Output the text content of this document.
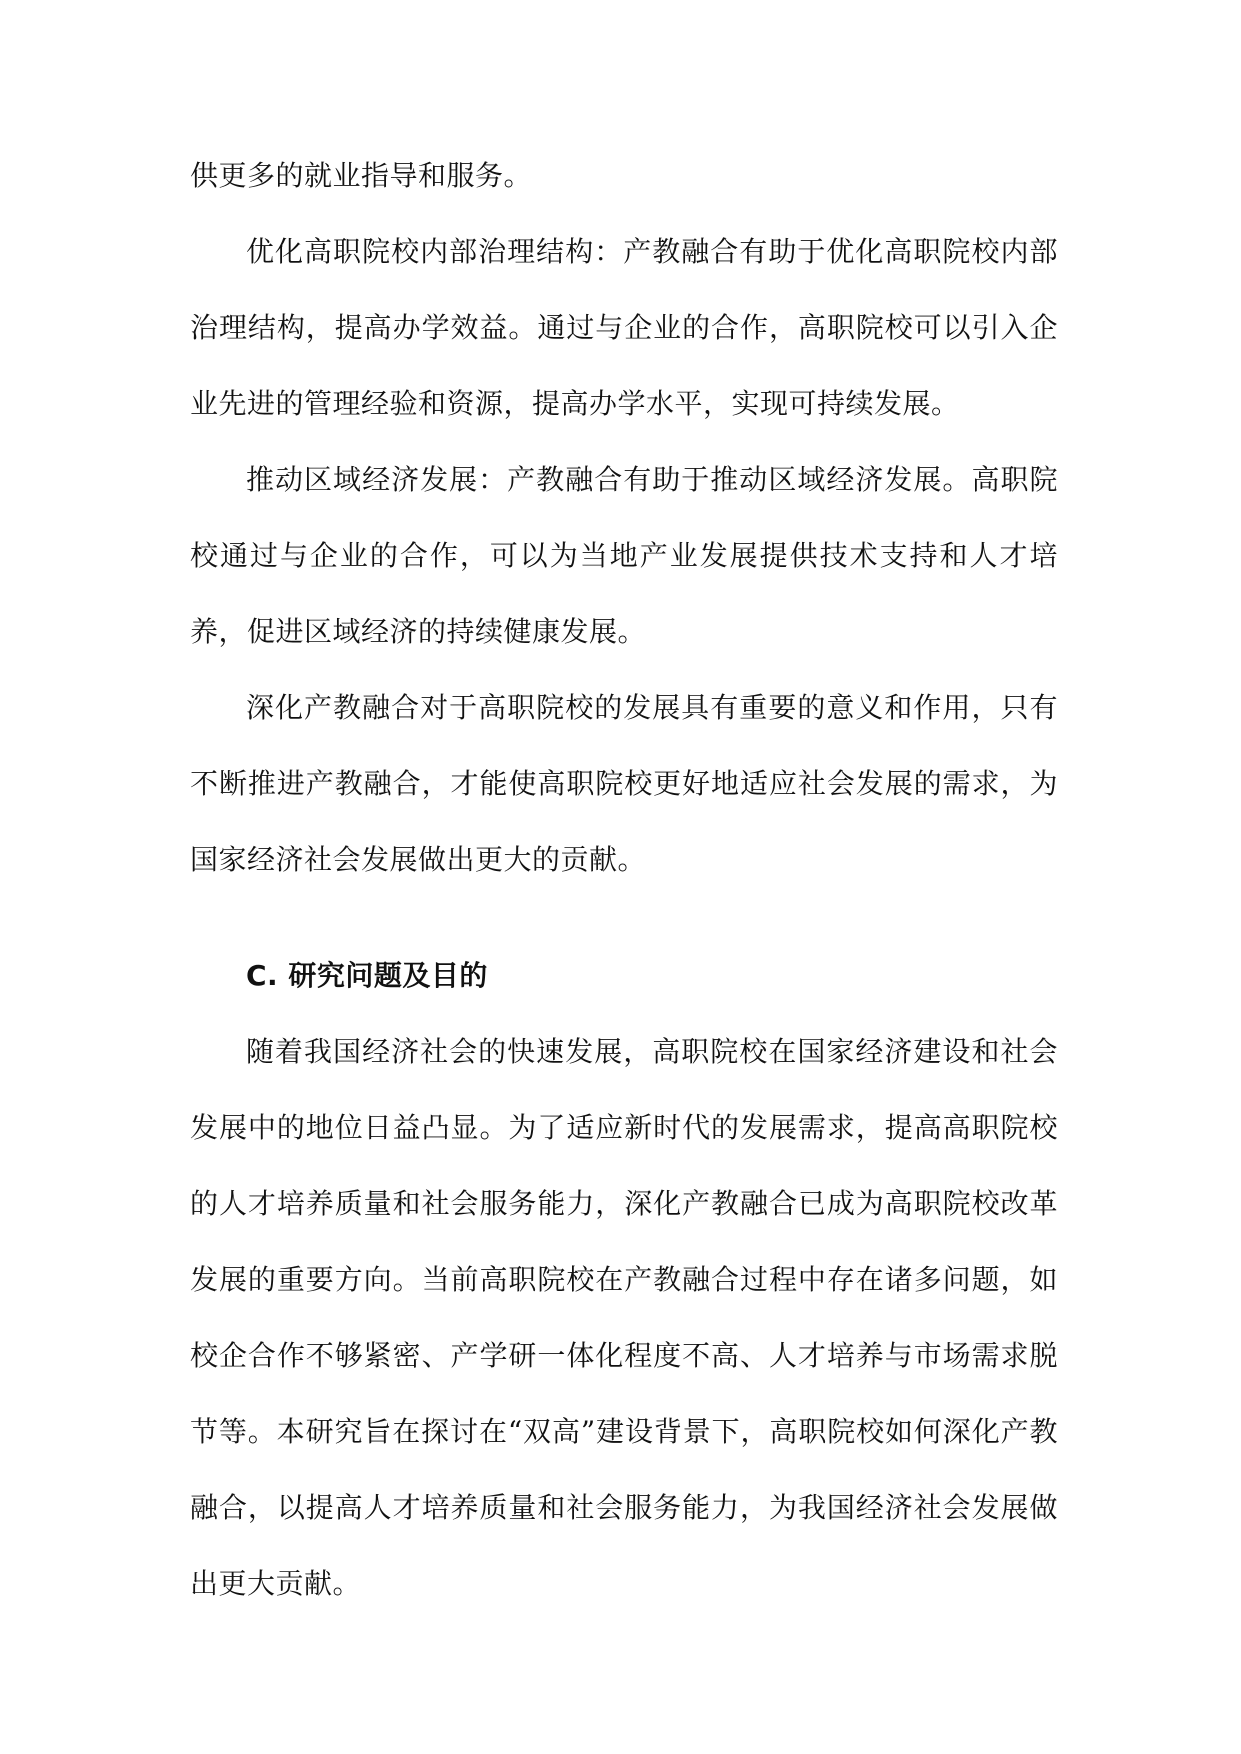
供更多的就业指导和服务。

优化高职院校内部治理结构：产教融合有助于优化高职院校内部治理结构，提高办学效益。通过与企业的合作，高职院校可以引入企业先进的管理经验和资源，提高办学水平，实现可持续发展。

推动区域经济发展：产教融合有助于推动区域经济发展。高职院校通过与企业的合作，可以为当地产业发展提供技术支持和人才培养，促进区域经济的持续健康发展。

深化产教融合对于高职院校的发展具有重要的意义和作用，只有不断推进产教融合，才能使高职院校更好地适应社会发展的需求，为国家经济社会发展做出更大的贡献。

C. 研究问题及目的

随着我国经济社会的快速发展，高职院校在国家经济建设和社会发展中的地位日益凸显。为了适应新时代的发展需求，提高高职院校的人才培养质量和社会服务能力，深化产教融合已成为高职院校改革发展的重要方向。当前高职院校在产教融合过程中存在诸多问题，如校企合作不够紧密、产学研一体化程度不高、人才培养与市场需求脱节等。本研究旨在探讨在“双高”建设背景下，高职院校如何深化产教融合，以提高人才培养质量和社会服务能力，为我国经济社会发展做出更大贡献。
